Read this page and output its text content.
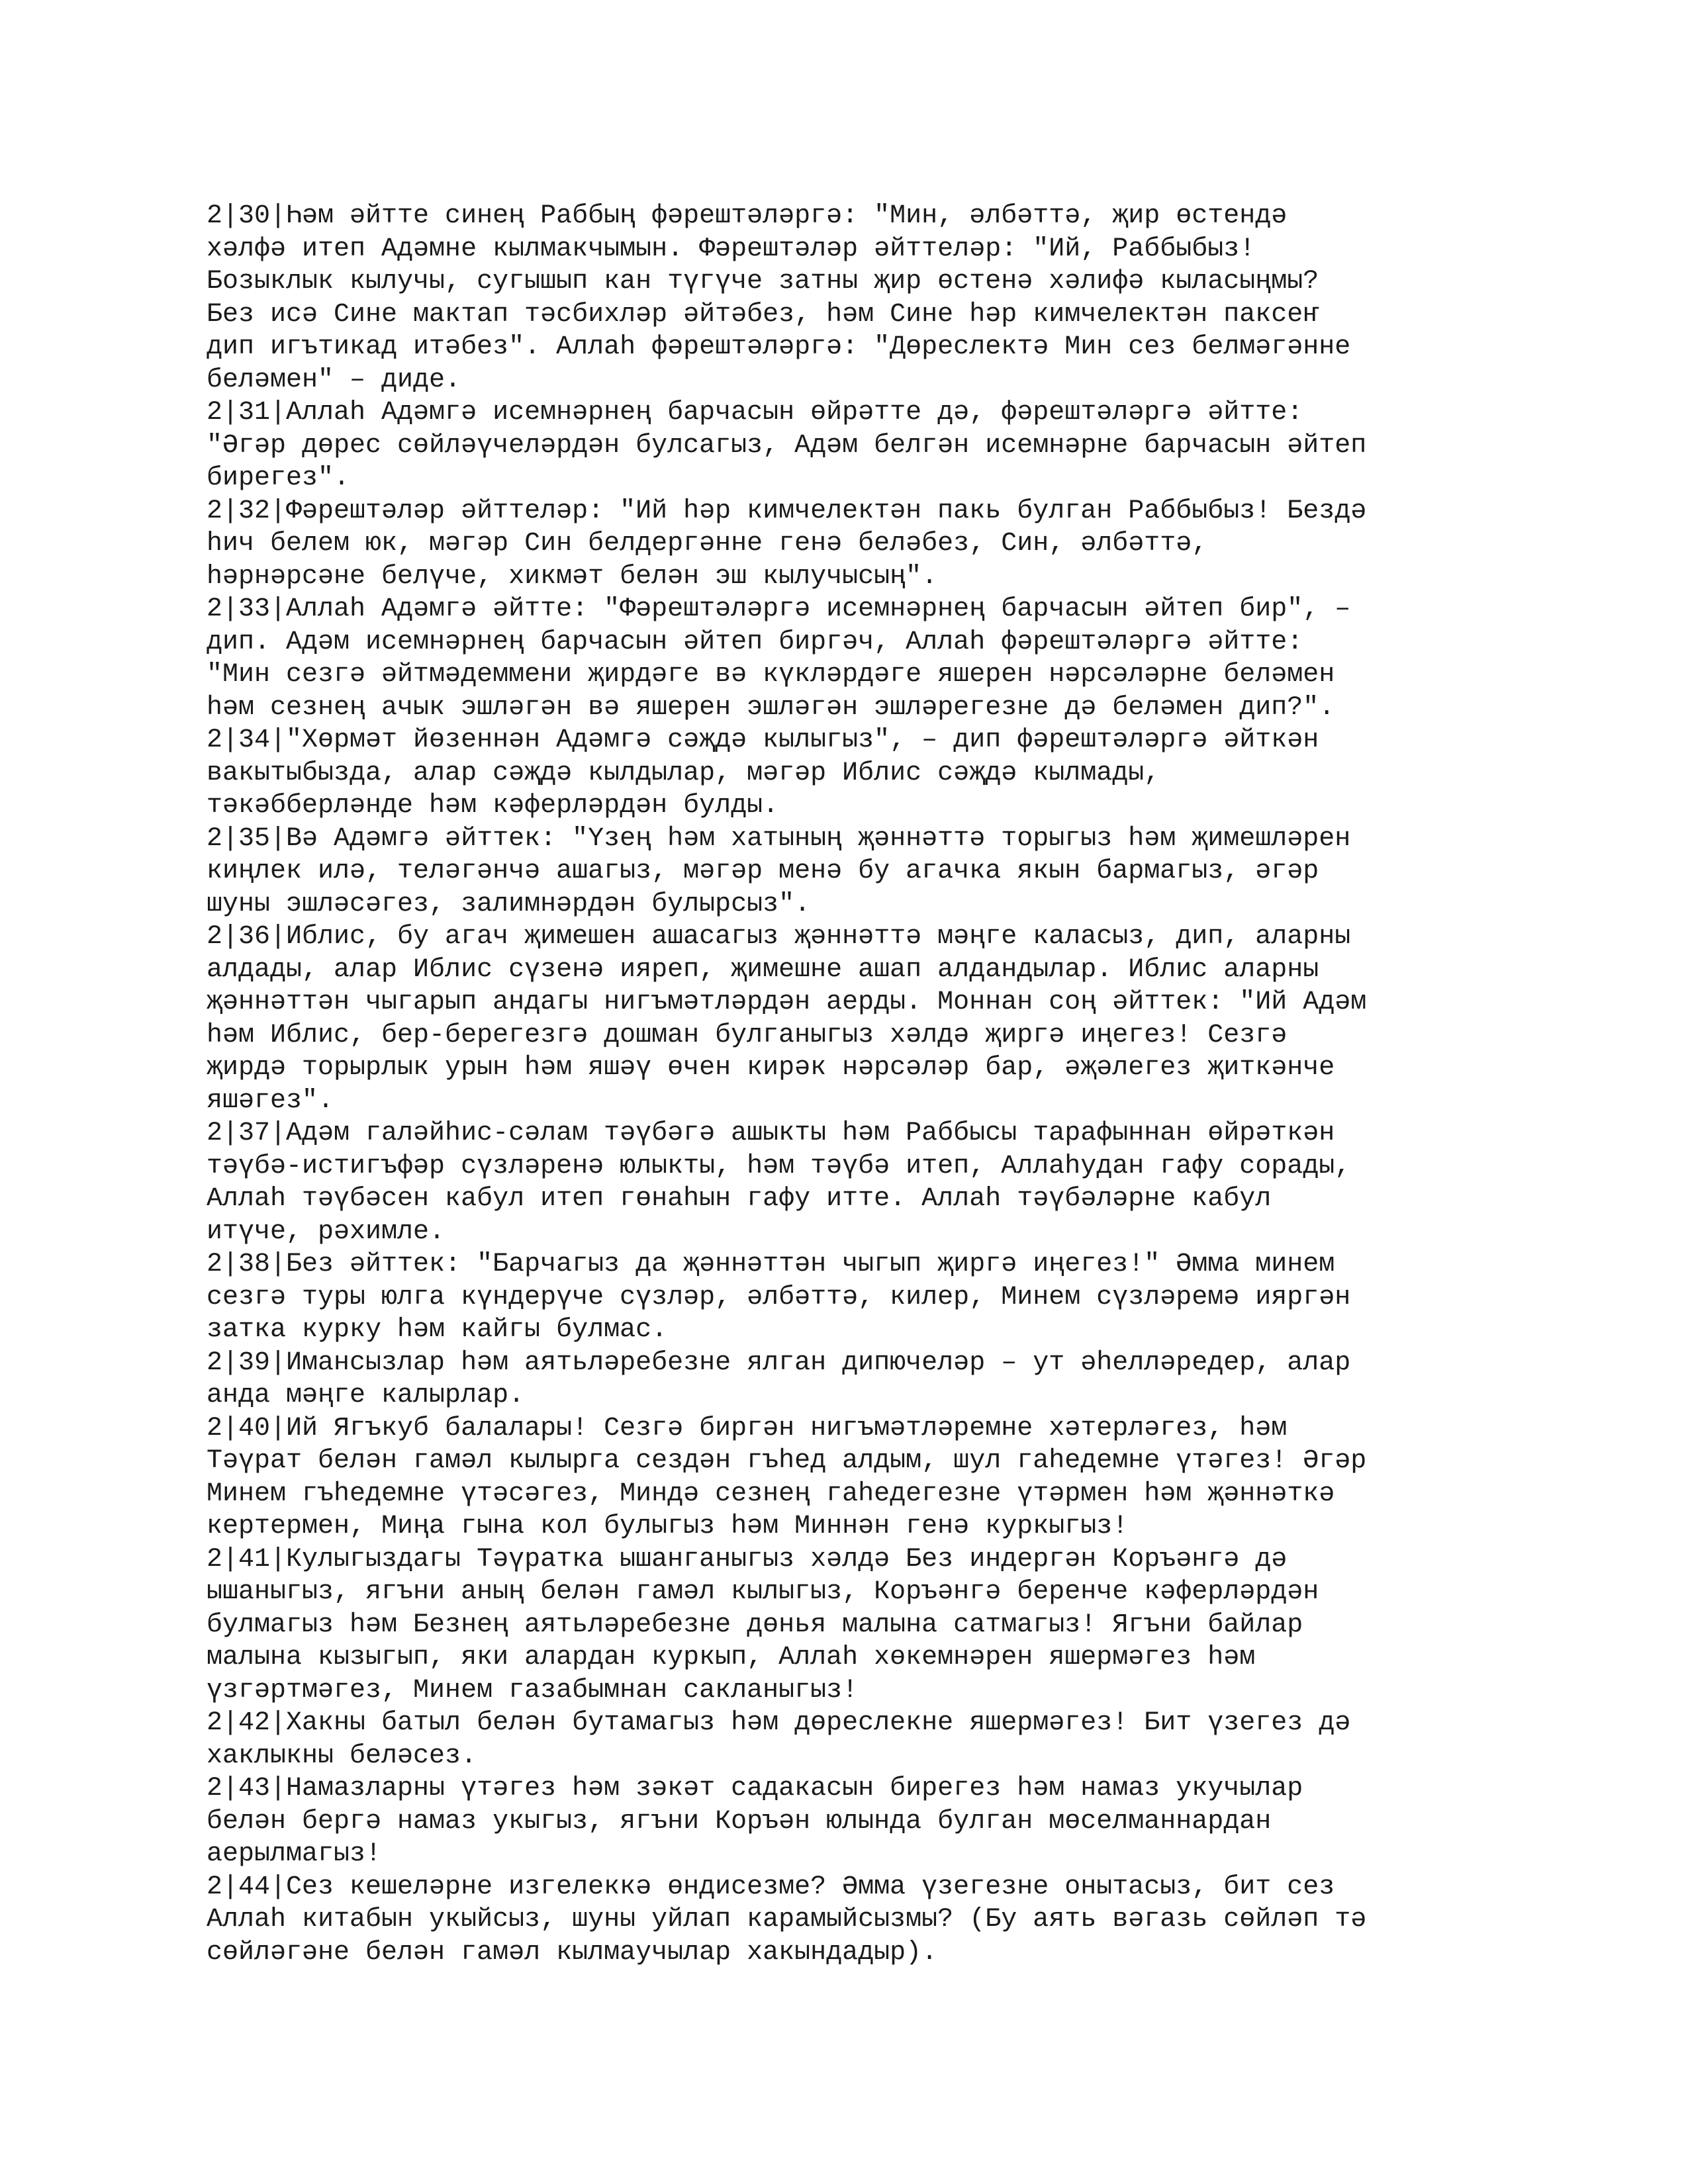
2|30|Һәм әйтте синең Раббың фәрештәләргә: "Мин, әлбәттә, җир өстендә
хәлфә итеп Адәмне кылмакчымын. Фәрештәләр әйттеләр: "Ий, Раббыбыз!
Бозыклык кылучы, сугышып кан түгүче затны җир өстенә хәлифә кыласыңмы?
Без исә Сине мактап тәсбихләр әйтәбез, һәм Сине һәр кимчелектән паксеҥ
дип игътикад итәбез". Аллаh фәрештәләргә: "Дөреслектә Мин сез белмәгәнне
беләмен" – диде.

2|31|Аллаh Адәмгә исемнәрнең барчасын өйрәтте дә, фәрештәләргә әйтте:
"Әгәр дөрес сөйләүчеләрдән булсагыз, Адәм белгән исемнәрне барчасын әйтеп
бирегез".

2|32|Фәрештәләр әйттеләр: "Ий һәр кимчелектән пакь булган Раббыбыз! Бездә
hич белем юк, мәгәр Син белдергәнне генә беләбез, Син, әлбәттә,
hәрнәрсәне белүче, хикмәт белән эш кылучысың".

2|33|Аллаh Адәмгә әйтте: "Фәрештәләргә исемнәрнең барчасын әйтеп бир", –
дип. Адәм исемнәрнең барчасын әйтеп биргәч, Аллаh фәрештәләргә әйтте:
"Мин сезгә әйтмәдеммени җирдәге вә күкләрдәге яшерен нәрсәләрне беләмен
һәм сезнең ачык эшләгән вә яшерен эшләгән эшләрегезне дә беләмен дип?".

2|34|"Хөрмәт йөзеннән Адәмгә сәҗдә кылыгыз", – дип фәрештәләргә әйткән
вакытыбызда, алар сәҗдә кылдылар, мәгәр Иблис сәҗдә кылмады,
тәкәбберләнде һәм кәферләрдән булды.

2|35|Вә Адәмгә әйттек: "Үзең һәм хатының җәннәттә торыгыз һәм җимешләрен
киңлек илә, теләгәнчә ашагыз, мәгәр менә бу агачка якын бармагыз, әгәр
шуны эшләсәгез, залимнәрдән булырсыз".

2|36|Иблис, бу агач җимешен ашасагыз җәннәттә мәңге каласыз, дип, аларны
алдады, алар Иблис сүзенә ияреп, җимешне ашап алдандылар. Иблис аларны
җәннәттән чыгарып андагы нигъмәтләрдән аерды. Моннан соң әйттек: "Ий Адәм
һәм Иблис, бер-берегезгә дошман булганыгыз хәлдә җиргә иңегез! Сезгә
җирдә торырлык урын һәм яшәү өчен кирәк нәрсәләр бар, әҗәлегез җиткәнче
яшәгез".

2|37|Адәм галәйhис-сәлам тәүбәгә ашыкты һәм Раббысы тарафыннан өйрәткән
тәүбә-истигъфәр сүзләренә юлыкты, һәм тәүбә итеп, Аллаhудан гафу сорады,
Аллаh тәүбәсен кабул итеп гөнаһын гафу итте. Аллаh тәүбәләрне кабул
итүче, рәхимле.

2|38|Без әйттек: "Барчагыз да җәннәттән чыгып җиргә иңегез!" Әмма минем
сезгә туры юлга күндерүче сүзләр, әлбәттә, килер, Минем сүзләремә ияргән
затка курку һәм кайгы булмас.

2|39|Имансызлар һәм аятьләребезне ялган дипючеләр – ут әһелләредер, алар
анда мәңге калырлар.

2|40|Ий Ягъкуб балалары! Сезгә биргән нигъмәтләремне хәтерләгез, һәм
Тәүрат белән гамәл кылырга сездән гъһед алдым, шул гаһедемне үтәгез! Әгәр
Минем гъһедемне үтәсәгез, Миндә сезнең гаһедегезне үтәрмен һәм җәннәткә
кертермен, Миңа гына кол булыгыз һәм Миннән генә куркыгыз!

2|41|Кулыгыздагы Тәүратка ышанганыгыз хәлдә Без индергән Коръәнгә дә
ышаныгыз, ягъни аның белән гамәл кылыгыз, Коръәнгә беренче кәферләрдән
булмагыз һәм Безнең аятьләребезне дөнья малына сатмагыз! Ягъни байлар
малына кызыгып, яки алардан куркып, Аллаh хөкемнәрен яшермәгез һәм
үзгәртмәгез, Минем газабымнан сакланыгыз!

2|42|Хакны батыл белән бутамагыз һәм дөреслекне яшермәгез! Бит үзегез дә
хаклыкны беләсез.

2|43|Намазларны үтәгез һәм зәкәт садакасын бирегез һәм намаз укучылар
белән бергә намаз укыгыз, ягъни Коръән юлында булган мөселманнардан
аерылмагыз!

2|44|Сез кешеләрне изгелеккә өндисезме? Әмма үзегезне онытасыз, бит сез
Аллаh китабын укыйсыз, шуны уйлап карамыйсызмы? (Бу аять вәгазь сөйләп тә
сөйләгәне белән гамәл кылмаучылар хакындадыр).
